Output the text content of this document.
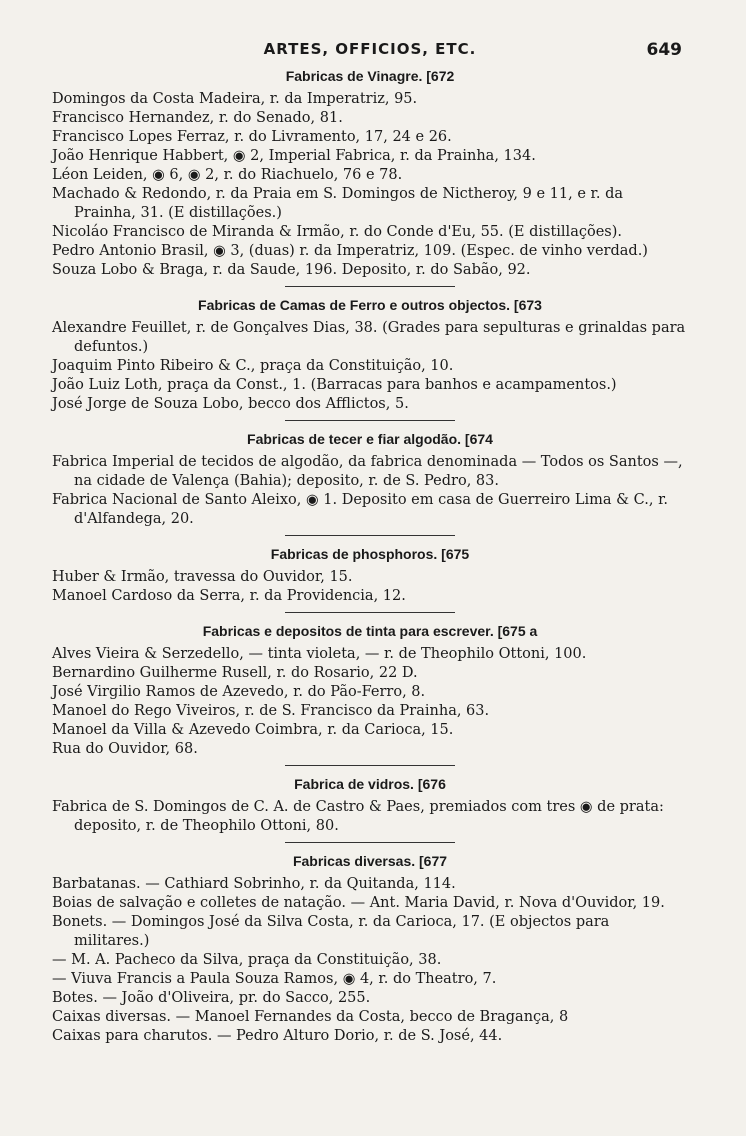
ARTES, OFFICIOS, ETC.	649
Fabricas de Vinagre. [672
Domingos da Costa Madeira, r. da Imperatriz, 95.
Francisco Hernandez, r. do Senado, 81.
Francisco Lopes Ferraz, r. do Livramento, 17, 24 e 26.
João Henrique Habbert, ◉ 2, Imperial Fabrica, r. da Prainha, 134.
Léon Leiden, ◉ 6, ◉ 2, r. do Riachuelo, 76 e 78.
Machado & Redondo, r. da Praia em S. Domingos de Nictheroy, 9 e 11, e r. da Prainha, 31. (E distillações.)
Nicoláo Francisco de Miranda & Irmão, r. do Conde d'Eu, 55. (E distillações).
Pedro Antonio Brasil, ◉ 3, (duas) r. da Imperatriz, 109. (Espec. de vinho verdad.)
Souza Lobo & Braga, r. da Saude, 196. Deposito, r. do Sabão, 92.
Fabricas de Camas de Ferro e outros objectos. [673
Alexandre Feuillet, r. de Gonçalves Dias, 38. (Grades para sepulturas e grinaldas para defuntos.)
Joaquim Pinto Ribeiro & C., praça da Constituição, 10.
João Luiz Loth, praça da Const., 1. (Barracas para banhos e acampamentos.)
José Jorge de Souza Lobo, becco dos Afflictos, 5.
Fabricas de tecer e fiar algodão. [674
Fabrica Imperial de tecidos de algodão, da fabrica denominada — Todos os Santos —, na cidade de Valença (Bahia); deposito, r. de S. Pedro, 83.
Fabrica Nacional de Santo Aleixo, ◉ 1. Deposito em casa de Guerreiro Lima & C., r. d'Alfandega, 20.
Fabricas de phosphoros. [675
Huber & Irmão, travessa do Ouvidor, 15.
Manoel Cardoso da Serra, r. da Providencia, 12.
Fabricas e depositos de tinta para escrever. [675 a
Alves Vieira & Serzedello, — tinta violeta, — r. de Theophilo Ottoni, 100.
Bernardino Guilherme Rusell, r. do Rosario, 22 D.
José Virgilio Ramos de Azevedo, r. do Pão-Ferro, 8.
Manoel do Rego Viveiros, r. de S. Francisco da Prainha, 63.
Manoel da Villa & Azevedo Coimbra, r. da Carioca, 15.
Rua do Ouvidor, 68.
Fabrica de vidros. [676
Fabrica de S. Domingos de C. A. de Castro & Paes, premiados com tres ◉ de prata: deposito, r. de Theophilo Ottoni, 80.
Fabricas diversas. [677
Barbatanas. — Cathiard Sobrinho, r. da Quitanda, 114.
Boias de salvação e colletes de natação. — Ant. Maria David, r. Nova d'Ouvidor, 19.
Bonets. — Domingos José da Silva Costa, r. da Carioca, 17. (E objectos para militares.)
— M. A. Pacheco da Silva, praça da Constituição, 38.
— Viuva Francis a Paula Souza Ramos, ◉ 4, r. do Theatro, 7.
Botes. — João d'Oliveira, pr. do Sacco, 255.
Caixas diversas. — Manoel Fernandes da Costa, becco de Bragança, 8
Caixas para charutos. — Pedro Alturo Dorio, r. de S. José, 44.
